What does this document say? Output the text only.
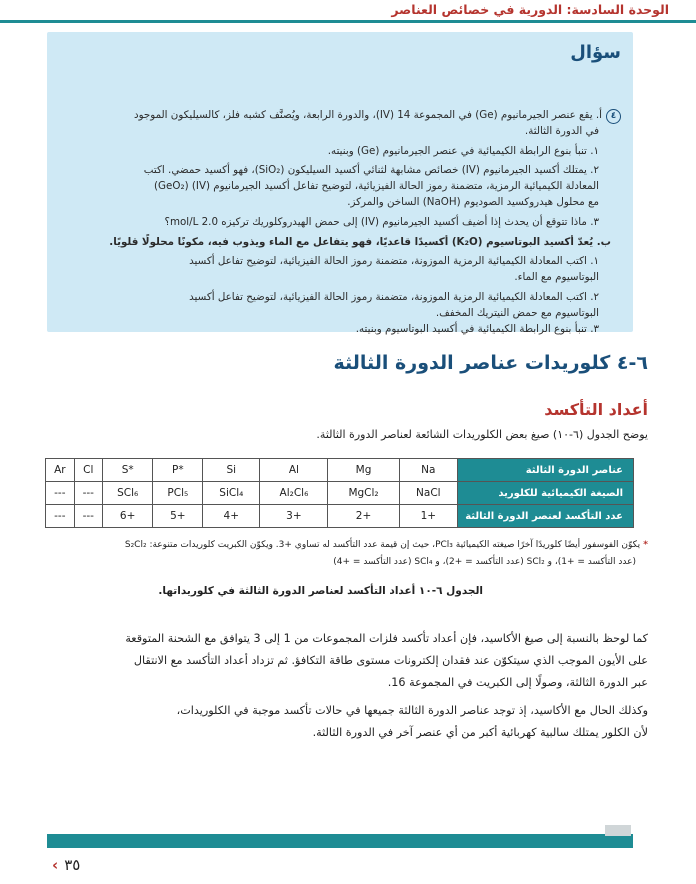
الوحدة السادسة: الدورية في خصائص العناصر
سؤال
٤أ. يقع عنصر الجيرمانيوم (Ge) في المجموعة 14 (IV)، والدورة الرابعة، ويُصنَّف كشبه فلز، كالسيليكون الموجود
في الدورة الثالثة.
١. تنبأ بنوع الرابطة الكيميائية في عنصر الجيرمانيوم (Ge) وبنيته.
٢. يمتلك أكسيد الجيرمانيوم (IV) خصائص مشابهة لثنائي أكسيد السيليكون (SiO₂)، فهو أكسيد حمضي. اكتب
المعادلة الكيميائية الرمزية، متضمنة رموز الحالة الفيزيائية، لتوضيح تفاعل أكسيد الجيرمانيوم (IV) (GeO₂)
مع محلول هيدروكسيد الصوديوم (NaOH) الساخن والمركز.
٣. ماذا تتوقع أن يحدث إذا أضيف أكسيد الجيرمانيوم (IV) إلى حمض الهيدروكلوريك تركيزه 2.0 mol/L؟
ب. يُعدّ أكسيد البوتاسيوم (K₂O) أكسيدًا قاعديًا، فهو يتفاعل مع الماء ويذوب فيه، مكونًا محلولًا قلويًا.
١. اكتب المعادلة الكيميائية الرمزية الموزونة، متضمنة رموز الحالة الفيزيائية، لتوضيح تفاعل أكسيد
البوتاسيوم مع الماء.
٢. اكتب المعادلة الكيميائية الرمزية الموزونة، متضمنة رموز الحالة الفيزيائية، لتوضيح تفاعل أكسيد
البوتاسيوم مع حمض النيتريك المخفف.
٣. تنبأ بنوع الرابطة الكيميائية في أكسيد البوتاسيوم وبنيته.
٦-٤ كلوريدات عناصر الدورة الثالثة
أعداد التأكسد
يوضح الجدول (٦-١٠) صيغ بعض الكلوريدات الشائعة لعناصر الدورة الثالثة.
عناصر الدورة الثالثة	Na	Mg	Al	Si	*P	*S	Cl	Ar
الصيغة الكيميائية للكلوريد	NaCl	MgCl₂	Al₂Cl₆	SiCl₄	PCl₅	SCl₆	---	---
عدد التأكسد لعنصر الدورة الثالثة	+1	+2	+3	+4	+5	+6	---	---
* يكوّن الفوسفور أيضًا كلوريدًا آخرًا صيغته الكيميائية PCl₃، حيث إن قيمة عدد التأكسد له تساوي +3. ويكوّن الكبريت كلوريدات متنوعة: S₂Cl₂
(عدد التأكسد = +1)، و SCl₂ (عدد التأكسد = +2)، و SCl₄ (عدد التأكسد = +4)
الجدول ٦-١٠ أعداد التأكسد لعناصر الدورة الثالثة في كلوريداتها.
كما لوحظ بالنسبة إلى صيغ الأكاسيد، فإن أعداد تأكسد فلزات المجموعات من 1 إلى 3 يتوافق مع الشحنة المتوقعة
على الأيون الموجب الذي سيتكوّن عند فقدان إلكترونات مستوى طاقة التكافؤ. ثم تزداد أعداد التأكسد مع الانتقال
عبر الدورة الثالثة، وصولًا إلى الكبريت في المجموعة 16.
وكذلك الحال مع الأكاسيد، إذ توجد عناصر الدورة الثالثة جميعها في حالات تأكسد موجبة في الكلوريدات،
لأن الكلور يمتلك سالبية كهربائية أكبر من أي عنصر آخر في الدورة الثالثة.
‹ ٣٥
